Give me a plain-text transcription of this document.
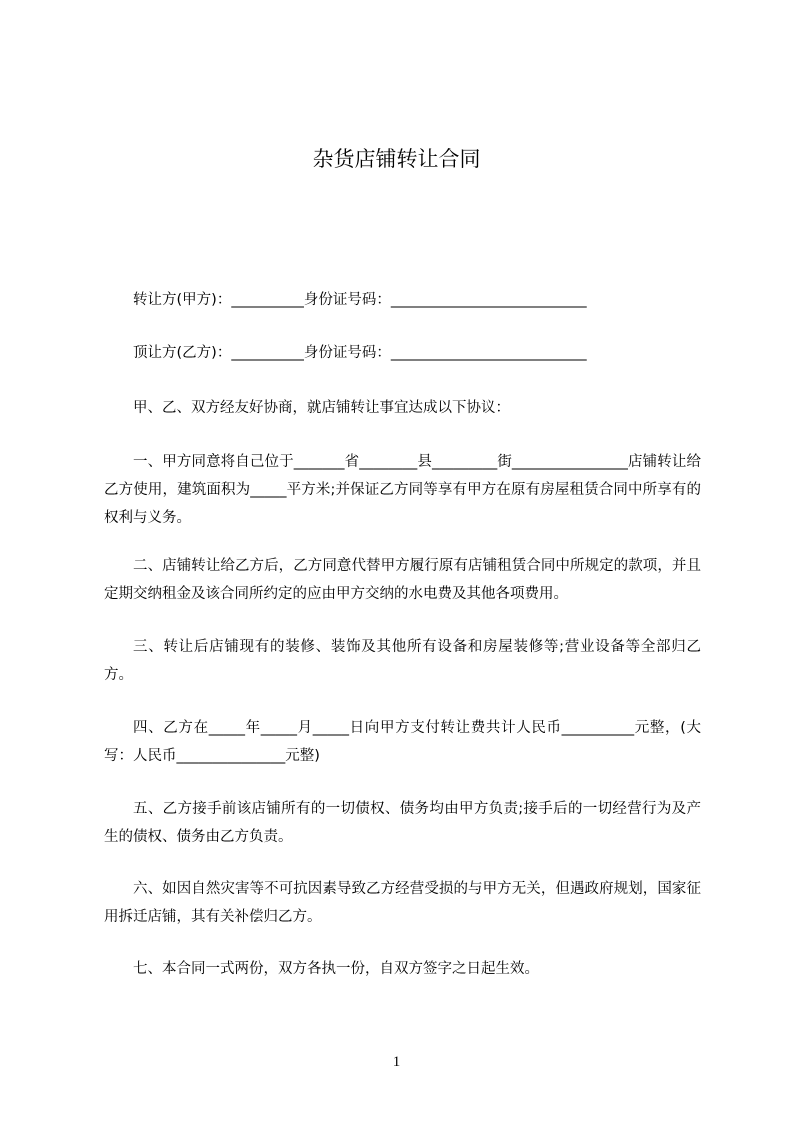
杂货店铺转让合同
转让方(甲方)：__________身份证号码：___________________________
顶让方(乙方)：__________身份证号码：___________________________
甲、乙、双方经友好协商，就店铺转让事宜达成以下协议：
一、甲方同意将自己位于_______省________县_________街________________店铺转让给乙方使用，建筑面积为_____平方米;并保证乙方同等享有甲方在原有房屋租赁合同中所享有的权利与义务。
二、店铺转让给乙方后，乙方同意代替甲方履行原有店铺租赁合同中所规定的款项，并且定期交纳租金及该合同所约定的应由甲方交纳的水电费及其他各项费用。
三、转让后店铺现有的装修、装饰及其他所有设备和房屋装修等;营业设备等全部归乙方。
四、乙方在_____年_____月_____日向甲方支付转让费共计人民币__________元整，(大写：人民币_______________元整)
五、乙方接手前该店铺所有的一切债权、债务均由甲方负责;接手后的一切经营行为及产生的债权、债务由乙方负责。
六、如因自然灾害等不可抗因素导致乙方经营受损的与甲方无关，但遇政府规划，国家征用拆迁店铺，其有关补偿归乙方。
七、本合同一式两份，双方各执一份，自双方签字之日起生效。
1
